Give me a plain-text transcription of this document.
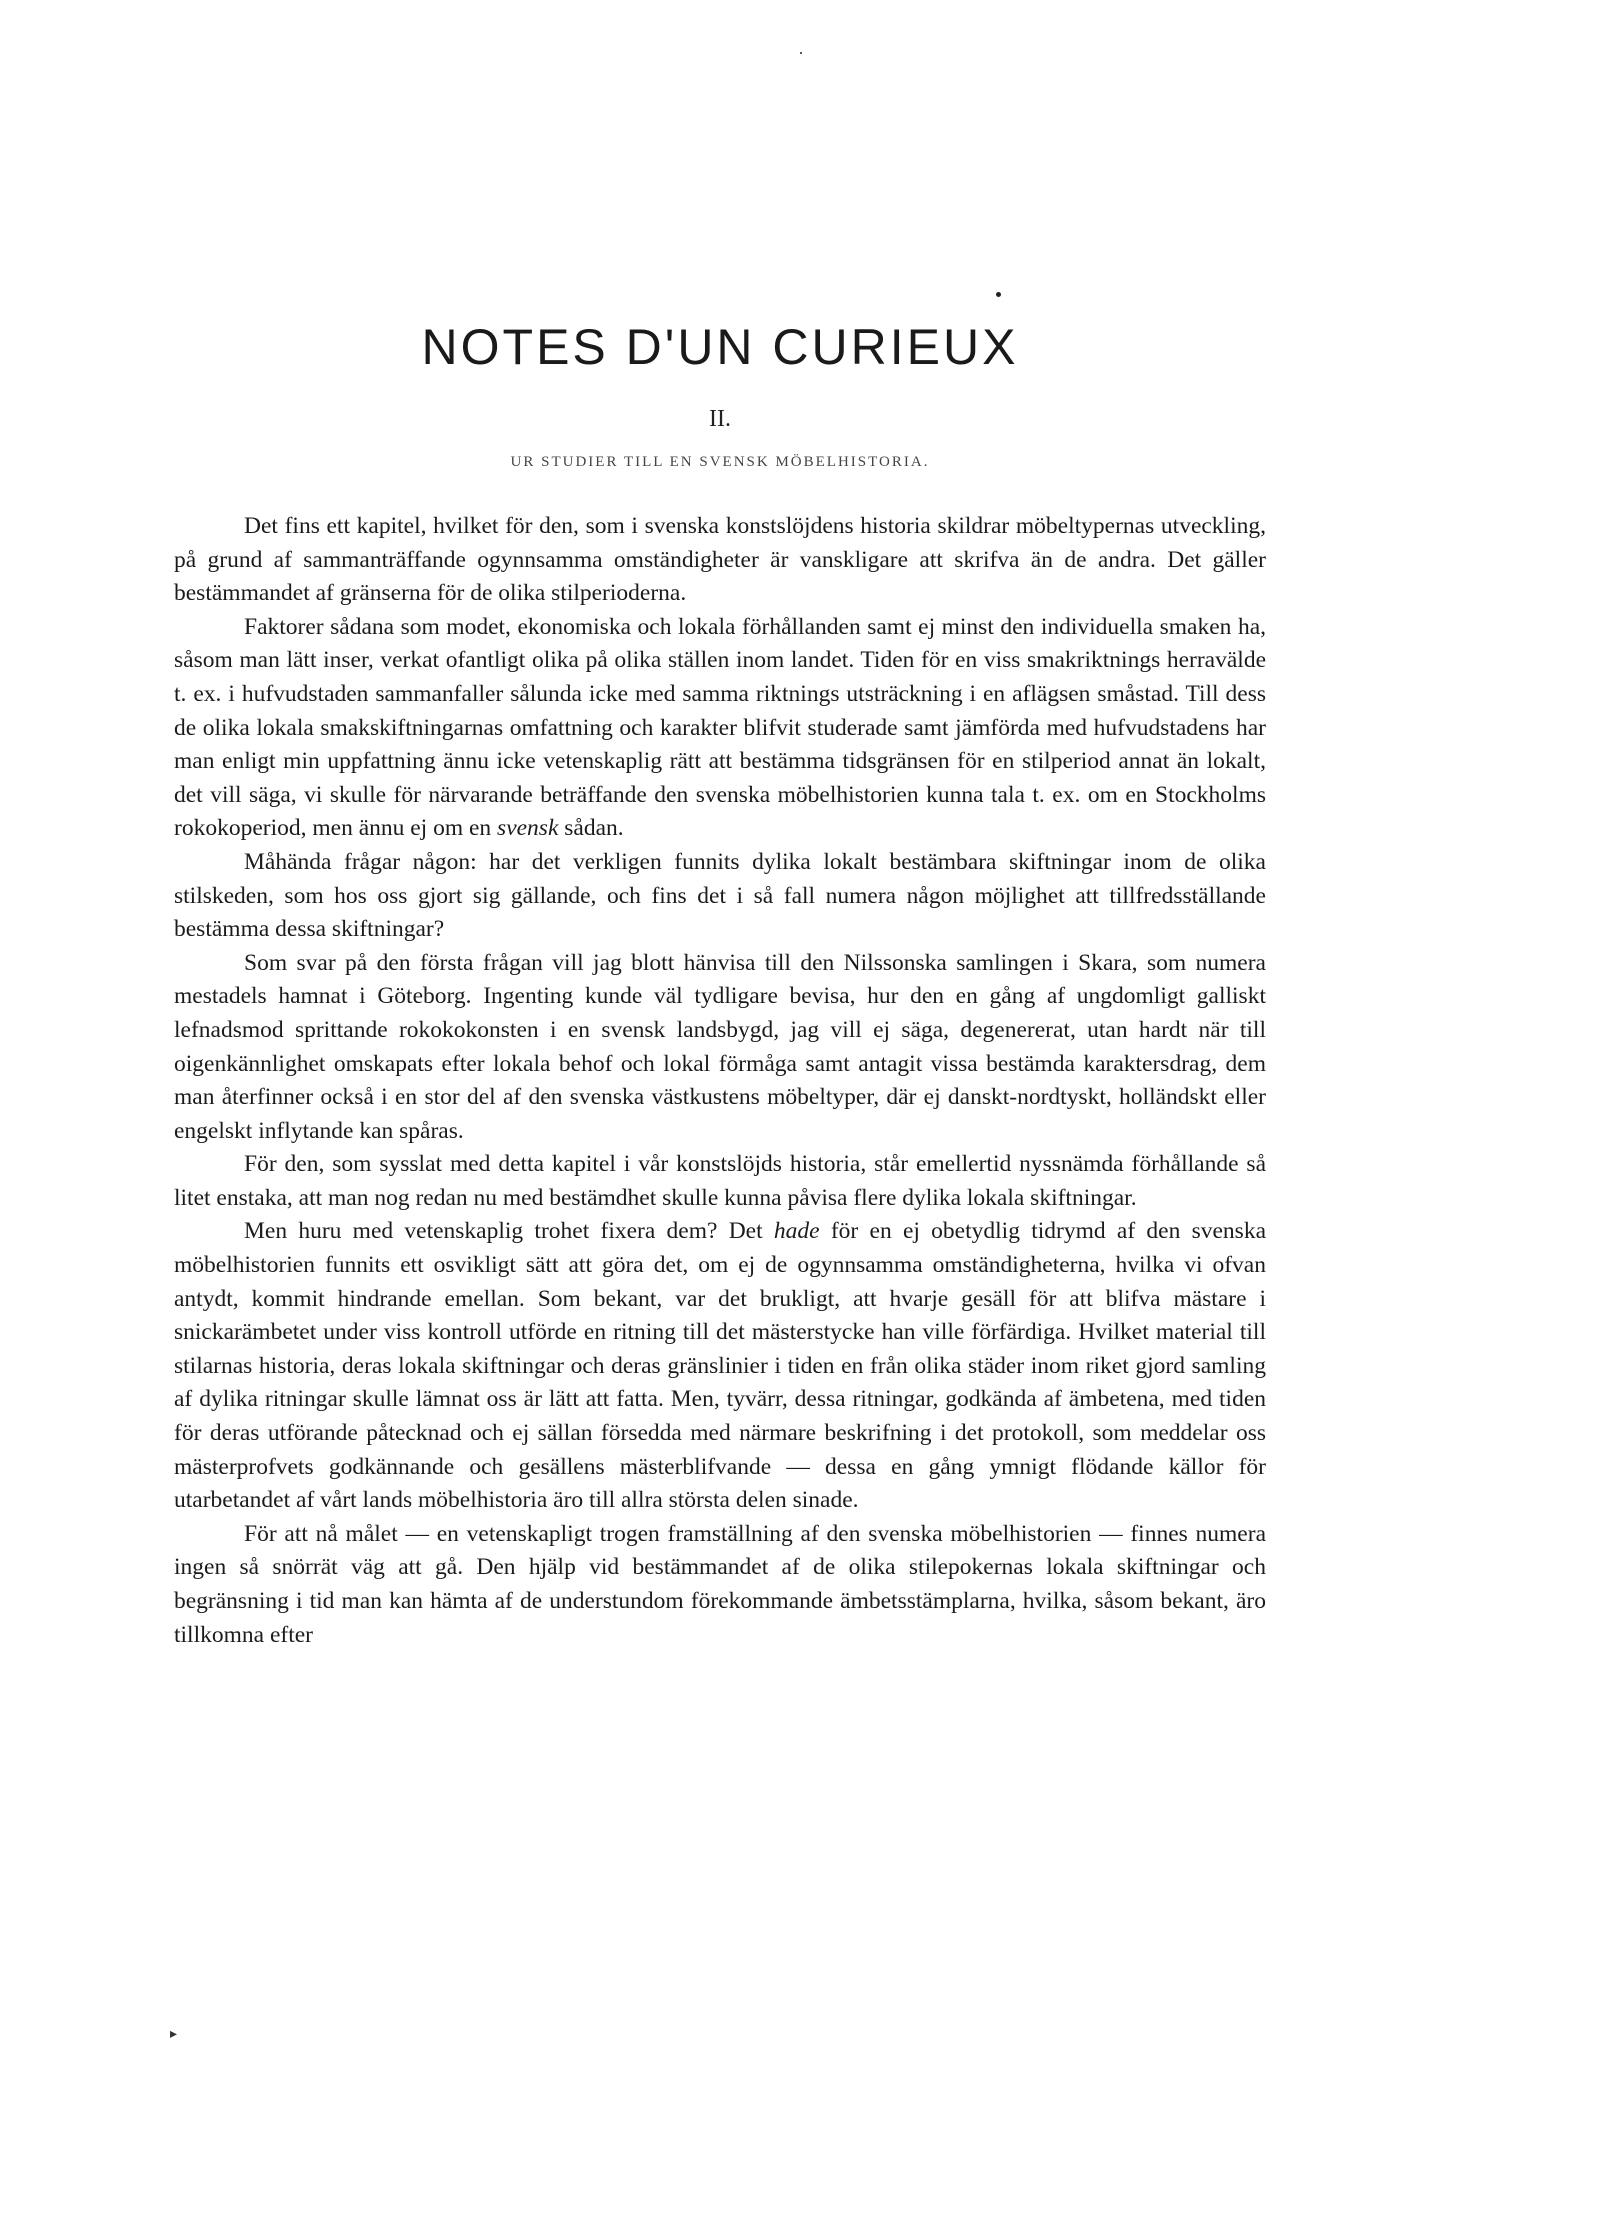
▸
NOTES D'UN CURIEUX
II.
UR STUDIER TILL EN SVENSK MÖBELHISTORIA.

Det fins ett kapitel, hvilket för den, som i svenska konstslöjdens historia skildrar möbeltypernas utveckling, på grund af sammanträffande ogynnsamma omständigheter är vanskligare att skrifva än de andra. Det gäller bestämmandet af gränserna för de olika stilperioderna.

Faktorer sådana som modet, ekonomiska och lokala förhållanden samt ej minst den individuella smaken ha, såsom man lätt inser, verkat ofantligt olika på olika ställen inom landet. Tiden för en viss smakriktnings herravälde t. ex. i hufvudstaden sammanfaller sålunda icke med samma riktnings utsträckning i en aflägsen småstad. Till dess de olika lokala smakskiftningarnas omfattning och karakter blifvit studerade samt jämförda med hufvudstadens har man enligt min uppfattning ännu icke vetenskaplig rätt att bestämma tidsgränsen för en stilperiod annat än lokalt, det vill säga, vi skulle för närvarande beträffande den svenska möbelhistorien kunna tala t. ex. om en Stockholms rokokoperiod, men ännu ej om en svensk sådan.

Måhända frågar någon: har det verkligen funnits dylika lokalt bestämbara skiftningar inom de olika stilskeden, som hos oss gjort sig gällande, och fins det i så fall numera någon möjlighet att tillfredsställande bestämma dessa skiftningar?

Som svar på den första frågan vill jag blott hänvisa till den Nilssonska samlingen i Skara, som numera mestadels hamnat i Göteborg. Ingenting kunde väl tydligare bevisa, hur den en gång af ungdomligt galliskt lefnadsmod sprittande rokokokonsten i en svensk landsbygd, jag vill ej säga, degenererat, utan hardt när till oigenkännlighet omskapats efter lokala behof och lokal förmåga samt antagit vissa bestämda karaktersdrag, dem man återfinner också i en stor del af den svenska västkustens möbeltyper, där ej danskt-nordtyskt, holländskt eller engelskt inflytande kan spåras.

För den, som sysslat med detta kapitel i vår konstslöjds historia, står emellertid nyssnämda förhållande så litet enstaka, att man nog redan nu med bestämdhet skulle kunna påvisa flere dylika lokala skiftningar.

Men huru med vetenskaplig trohet fixera dem? Det hade för en ej obetydlig tidrymd af den svenska möbelhistorien funnits ett osvikligt sätt att göra det, om ej de ogynnsamma omständigheterna, hvilka vi ofvan antydt, kommit hindrande emellan. Som bekant, var det brukligt, att hvarje gesäll för att blifva mästare i snickarämbetet under viss kontroll utförde en ritning till det mästerstycke han ville förfärdiga. Hvilket material till stilarnas historia, deras lokala skiftningar och deras gränslinier i tiden en från olika städer inom riket gjord samling af dylika ritningar skulle lämnat oss är lätt att fatta. Men, tyvärr, dessa ritningar, godkända af ämbetena, med tiden för deras utförande påtecknad och ej sällan försedda med närmare beskrifning i det protokoll, som meddelar oss mästerprofvets godkännande och gesällens mästerblifvande — dessa en gång ymnigt flödande källor för utarbetandet af vårt lands möbelhistoria äro till allra största delen sinade.

För att nå målet — en vetenskapligt trogen framställning af den svenska möbelhistorien — finnes numera ingen så snörrät väg att gå. Den hjälp vid bestämmandet af de olika stilepokernas lokala skiftningar och begränsning i tid man kan hämta af de understundom förekommande ämbetsstämplarna, hvilka, såsom bekant, äro tillkomna efter
